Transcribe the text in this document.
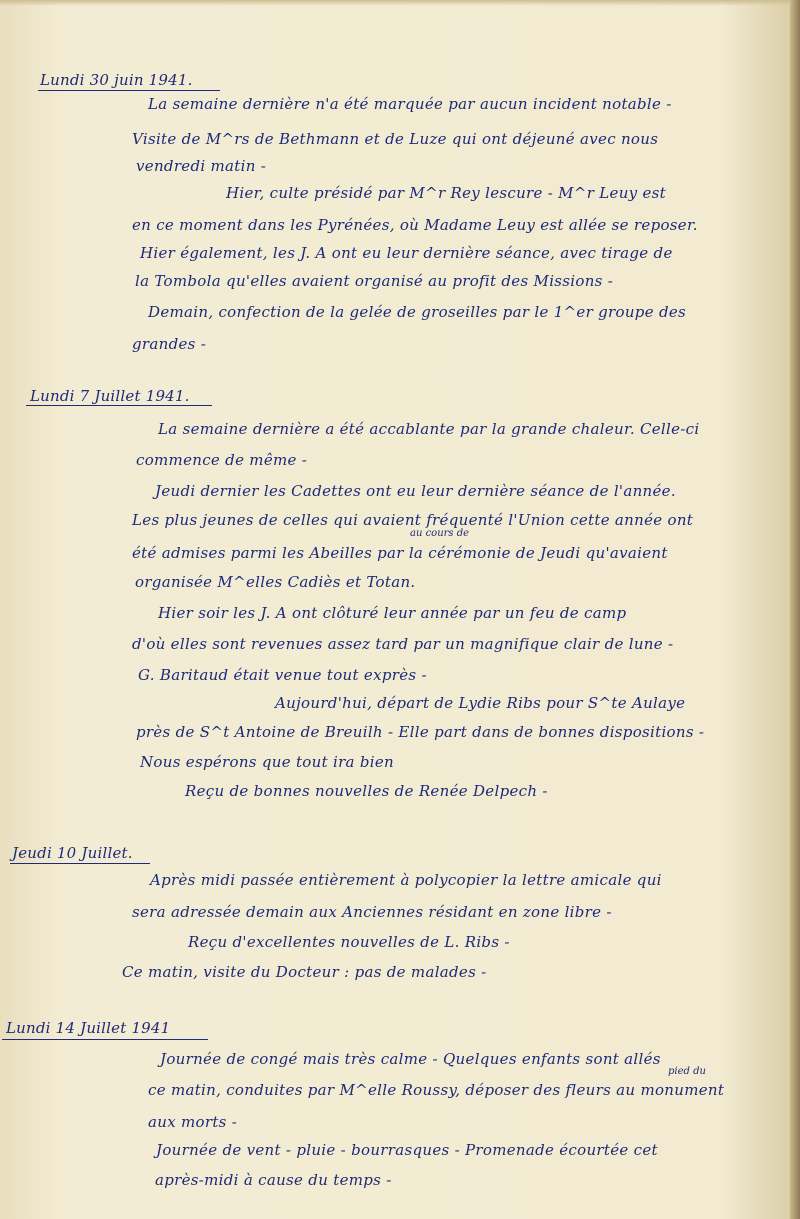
Lundi 30 juin 1941.
La semaine dernière n'a été marquée par aucun incident notable -
Visite de M^rs de Bethmann et de Luze qui ont déjeuné avec nous
vendredi matin -
Hier, culte présidé par M^r Rey lescure - M^r Leuy est
en ce moment dans les Pyrénées, où Madame Leuy est allée se reposer.
Hier également, les J. A ont eu leur dernière séance, avec tirage de
la Tombola qu'elles avaient organisé au profit des Missions -
Demain, confection de la gelée de groseilles par le 1^er groupe des
grandes -
Lundi 7 Juillet 1941.
La semaine dernière a été accablante par la grande chaleur. Celle-ci
commence de même -
Jeudi dernier les Cadettes ont eu leur dernière séance de l'année.
Les plus jeunes de celles qui avaient fréquenté l'Union cette année ont
au cours de
été admises parmi les Abeilles par la cérémonie de Jeudi qu'avaient
organisée M^elles Cadiès et Totan.
Hier soir les J. A ont clôturé leur année par un feu de camp
d'où elles sont revenues assez tard par un magnifique clair de lune -
G. Baritaud était venue tout exprès -
Aujourd'hui, départ de Lydie Ribs pour S^te Aulaye
près de S^t Antoine de Breuilh - Elle part dans de bonnes dispositions -
Nous espérons que tout ira bien
Reçu de bonnes nouvelles de Renée Delpech -
Jeudi 10 Juillet.
Après midi passée entièrement à polycopier la lettre amicale qui
sera adressée demain aux Anciennes résidant en zone libre -
Reçu d'excellentes nouvelles de L. Ribs -
Ce matin, visite du Docteur : pas de malades -
Lundi 14 Juillet 1941
Journée de congé mais très calme - Quelques enfants sont allés
pied du
ce matin, conduites par M^elle Roussy, déposer des fleurs au monument
aux morts -
Journée de vent - pluie - bourrasques - Promenade écourtée cet
après-midi à cause du temps -
